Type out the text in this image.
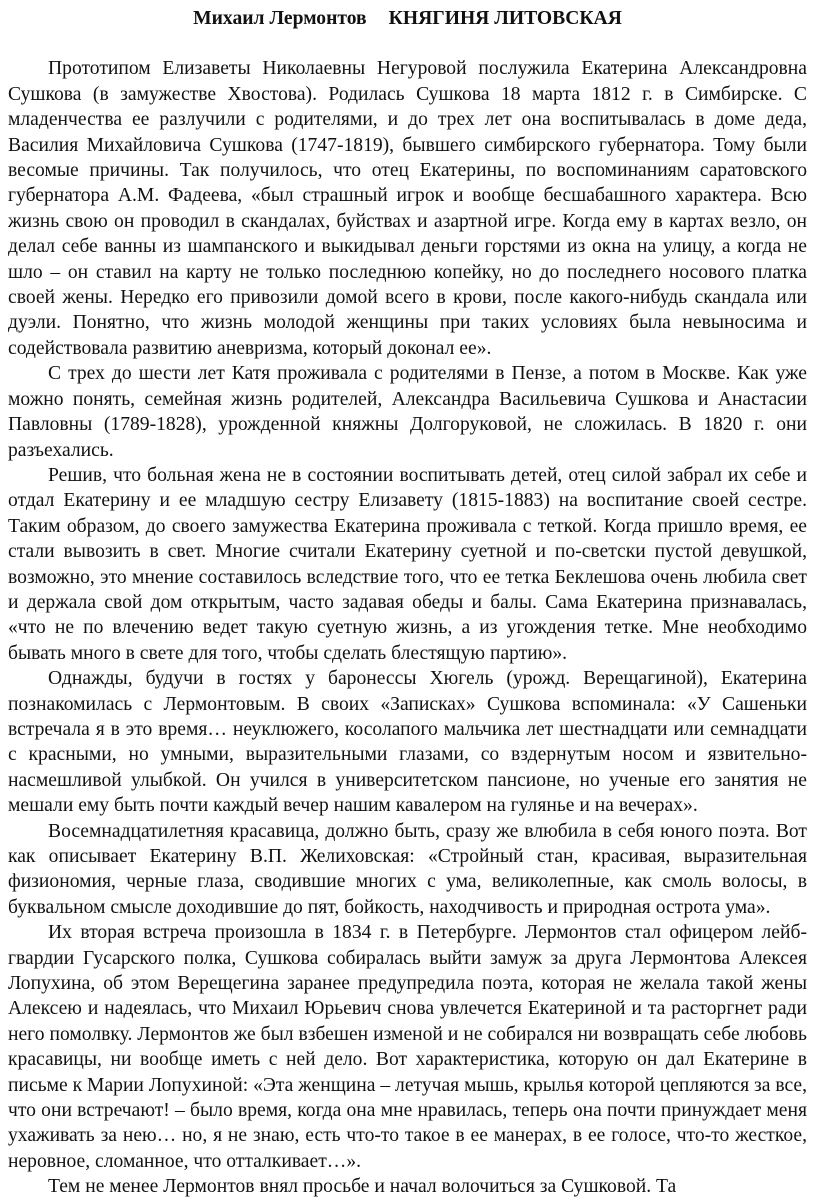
Михаил Лермонтов КНЯГИНЯ ЛИТОВСКАЯ

Прототипом Елизаветы Николаевны Негуровой послужила Екатерина Александровна Сушкова (в замужестве Хвостова). Родилась Сушкова 18 марта 1812 г. в Симбирске. С младенчества ее разлучили с родителями, и до трех лет она воспитывалась в доме деда, Василия Михайловича Сушкова (1747-1819), бывшего симбирского губернатора. Тому были весомые причины. Так получилось, что отец Екатерины, по воспоминаниям саратовского губернатора А.М. Фадеева, «был страшный игрок и вообще бесшабашного характера. Всю жизнь свою он проводил в скандалах, буйствах и азартной игре. Когда ему в картах везло, он делал себе ванны из шампанского и выкидывал деньги горстями из окна на улицу, а когда не шло – он ставил на карту не только последнюю копейку, но до последнего носового платка своей жены. Нередко его привозили домой всего в крови, после какого-нибудь скандала или дуэли. Понятно, что жизнь молодой женщины при таких условиях была невыносима и содействовала развитию аневризма, который доконал ее».

С трех до шести лет Катя проживала с родителями в Пензе, а потом в Москве. Как уже можно понять, семейная жизнь родителей, Александра Васильевича Сушкова и Анастасии Павловны (1789-1828), урожденной княжны Долгоруковой, не сложилась. В 1820 г. они разъехались.

Решив, что больная жена не в состоянии воспитывать детей, отец силой забрал их себе и отдал Екатерину и ее младшую сестру Елизавету (1815-1883) на воспитание своей сестре. Таким образом, до своего замужества Екатерина проживала с теткой. Когда пришло время, ее стали вывозить в свет. Многие считали Екатерину суетной и по-светски пустой девушкой, возможно, это мнение составилось вследствие того, что ее тетка Беклешова очень любила свет и держала свой дом открытым, часто задавая обеды и балы. Сама Екатерина признавалась, «что не по влечению ведет такую суетную жизнь, а из угождения тетке. Мне необходимо бывать много в свете для того, чтобы сделать блестящую партию».

Однажды, будучи в гостях у баронессы Хюгель (урожд. Верещагиной), Екатерина познакомилась с Лермонтовым. В своих «Записках» Сушкова вспоминала: «У Сашеньки встречала я в это время… неуклюжего, косолапого мальчика лет шестнадцати или семнадцати с красными, но умными, выразительными глазами, со вздернутым носом и язвительно-насмешливой улыбкой. Он учился в университетском пансионе, но ученые его занятия не мешали ему быть почти каждый вечер нашим кавалером на гулянье и на вечерах».

Восемнадцатилетняя красавица, должно быть, сразу же влюбила в себя юного поэта. Вот как описывает Екатерину В.П. Желиховская: «Стройный стан, красивая, выразительная физиономия, черные глаза, сводившие многих с ума, великолепные, как смоль волосы, в буквальном смысле доходившие до пят, бойкость, находчивость и природная острота ума».

Их вторая встреча произошла в 1834 г. в Петербурге. Лермонтов стал офицером лейб-гвардии Гусарского полка, Сушкова собиралась выйти замуж за друга Лермонтова Алексея Лопухина, об этом Верещегина заранее предупредила поэта, которая не желала такой жены Алексею и надеялась, что Михаил Юрьевич снова увлечется Екатериной и та расторгнет ради него помолвку. Лермонтов же был взбешен изменой и не собирался ни возвращать себе любовь красавицы, ни вообще иметь с ней дело. Вот характеристика, которую он дал Екатерине в письме к Марии Лопухиной: «Эта женщина – летучая мышь, крылья которой цепляются за все, что они встречают! – было время, когда она мне нравилась, теперь она почти принуждает меня ухаживать за нею… но, я не знаю, есть что-то такое в ее манерах, в ее голосе, что-то жесткое, неровное, сломанное, что отталкивает…».

Тем не менее Лермонтов внял просьбе и начал волочиться за Сушковой. Та
